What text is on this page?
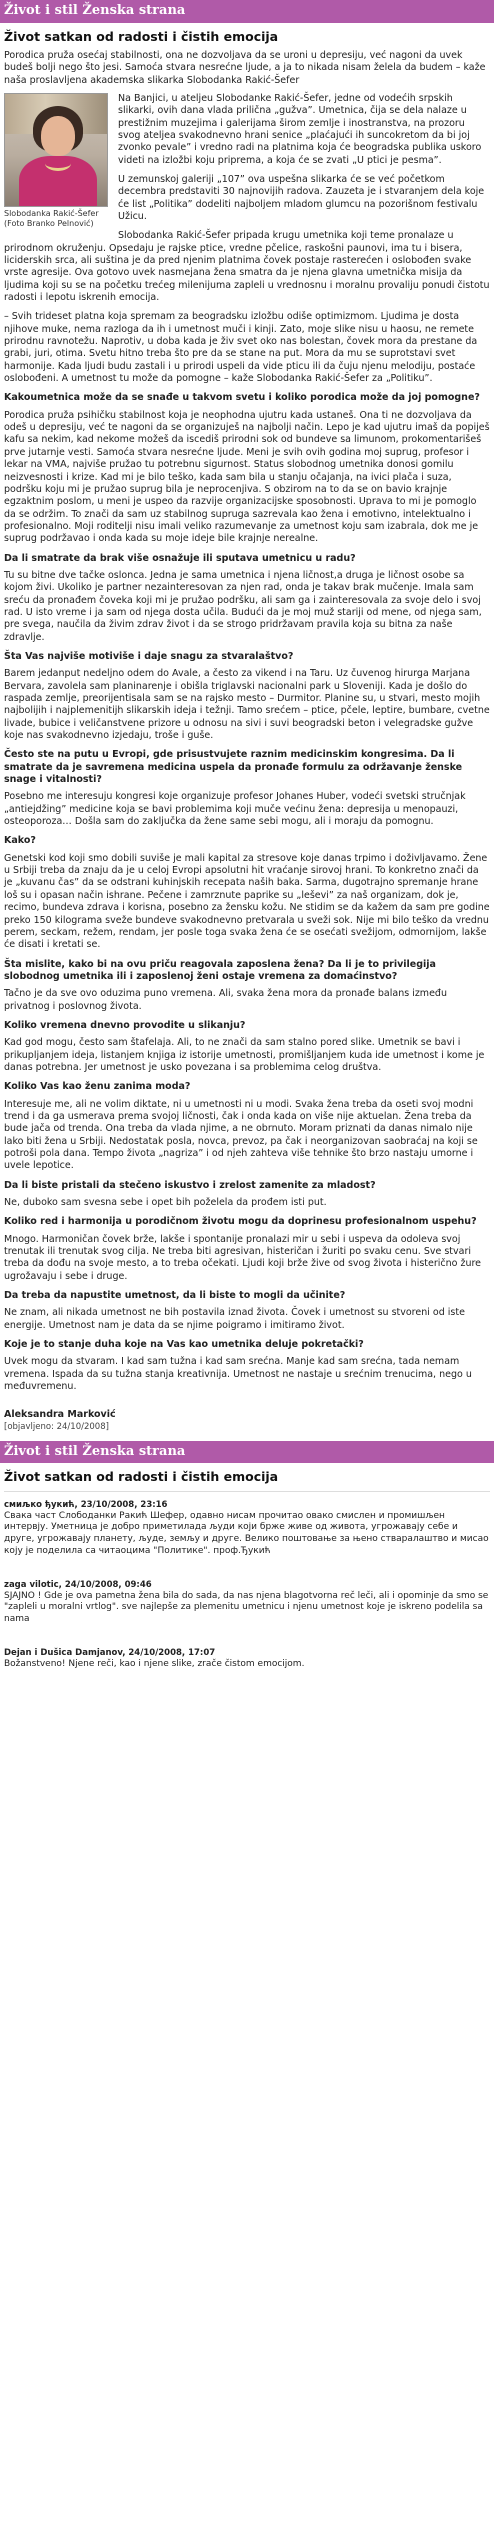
Život i stil Ženska strana
Život satkan od radosti i čistih emocija
Porodica pruža osećaj stabilnosti, ona ne dozvoljava da se uroni u depresiju, već nagoni da uvek budeš bolji nego što jesi. Samoća stvara nesrećne ljude, a ja to nikada nisam želela da budem – kaže naša proslavljena akademska slikarka Slobodanka Rakić-Šefer
Slobodanka Rakić-Šefer (Foto Branko Pelnović)

Na Banjici, u ateljeu Slobodanke Rakić-Šefer, jedne od vodećih srpskih slikarki, ovih dana vlada prilična „gužva”. Umetnica, čija se dela nalaze u prestižnim muzejima i galerijama širom zemlje i inostranstva, na prozoru svog ateljea svakodnevno hrani senice „plaćajući ih suncokretom da bi joj zvonko pevale” i vredno radi na platnima koja će beogradska publika uskoro videti na izložbi koju priprema, a koja će se zvati „U ptici je pesma”.

U zemunskoj galeriji „107” ova uspešna slikarka će se već početkom decembra predstaviti 30 najnovijih radova. Zauzeta je i stvaranjem dela koje će list „Politika” dodeliti najboljem mladom glumcu na pozorišnom festivalu Užicu.

Slobodanka Rakić-Šefer pripada krugu umetnika koji teme pronalaze u prirodnom okruženju. Opsedaju je rajske ptice, vredne pčelice, raskošni paunovi, ima tu i bisera, liciderskih srca, ali suština je da pred njenim platnima čovek postaje rasterećen i oslobođen svake vrste agresije. Ova gotovo uvek nasmejana žena smatra da je njena glavna umetnička misija da ljudima koji su se na početku trećeg milenijuma zapleli u vrednosnu i moralnu provaliju ponudi čistotu radosti i lepotu iskrenih emocija.

– Svih trideset platna koja spremam za beogradsku izložbu odiše optimizmom. Ljudima je dosta njihove muke, nema razloga da ih i umetnost muči i kinji. Zato, moje slike nisu u haosu, ne remete prirodnu ravnotežu. Naprotiv, u doba kada je živ svet oko nas bolestan, čovek mora da prestane da grabi, juri, otima. Svetu hitno treba što pre da se stane na put. Mora da mu se suprotstavi svet harmonije. Kada ljudi budu zastali i u prirodi uspeli da vide pticu ili da čuju njenu melodiju, postaće oslobođeni. A umetnost tu može da pomogne – kaže Slobodanka Rakić-Šefer za „Politiku”.

Kakoumetnica može da se snađe u takvom svetu i koliko porodica može da joj pomogne?

Porodica pruža psihičku stabilnost koja je neophodna ujutru kada ustaneš. Ona ti ne dozvoljava da odeš u depresiju, već te nagoni da se organizuješ na najbolji način. Lepo je kad ujutru imaš da popiješ kafu sa nekim, kad nekome možeš da iscediš prirodni sok od bundeve sa limunom, prokomentarišeš prve jutarnje vesti. Samoća stvara nesrećne ljude. Meni je svih ovih godina moj suprug, profesor i lekar na VMA, najviše pružao tu potrebnu sigurnost. Status slobodnog umetnika donosi gomilu neizvesnosti i krize. Kad mi je bilo teško, kada sam bila u stanju očajanja, na ivici plača i suza, podršku koju mi je pružao suprug bila je neprocenjiva. S obzirom na to da se on bavio krajnje egzaktnim poslom, u meni je uspeo da razvije organizacijske sposobnosti. Uprava to mi je pomoglo da se održim. To znači da sam uz stabilnog supruga sazrevala kao žena i emotivno, intelektualno i profesionalno. Moji roditelji nisu imali veliko razumevanje za umetnost koju sam izabrala, dok me je suprug podržavao i onda kada su moje ideje bile krajnje nerealne.

Da li smatrate da brak više osnažuje ili sputava umetnicu u radu?

Tu su bitne dve tačke oslonca. Jedna je sama umetnica i njena ličnost,a druga je ličnost osobe sa kojom živi. Ukoliko je partner nezainteresovan za njen rad, onda je takav brak mučenje. Imala sam sreću da pronađem čoveka koji mi je pružao podršku, ali sam ga i zainteresovala za svoje delo i svoj rad. U isto vreme i ja sam od njega dosta učila. Budući da je moj muž stariji od mene, od njega sam, pre svega, naučila da živim zdrav život i da se strogo pridržavam pravila koja su bitna za naše zdravlje.

Šta Vas najviše motiviše i daje snagu za stvaralaštvo?

Barem jedanput nedeljno odem do Avale, a često za vikend i na Taru. Uz čuvenog hirurga Marjana Bervara, zavolela sam planinarenje i obišla triglavski nacionalni park u Sloveniji. Kada je došlo do raspada zemlje, preorijentisala sam se na rajsko mesto – Durmitor. Planine su, u stvari, mesto mojih najbolijih i najplemenitijh slikarskih ideja i težnji. Tamo srećem – ptice, pčele, leptire, bumbare, cvetne livade, bubice i veličanstvene prizore u odnosu na sivi i suvi beogradski beton i velegradske gužve koje nas svakodnevno izjedaju, troše i guše.

Često ste na putu u Evropi, gde prisustvujete raznim medicinskim kongresima. Da li smatrate da je savremena medicina uspela da pronađe formulu za održavanje ženske snage i vitalnosti?

Posebno me interesuju kongresi koje organizuje profesor Johanes Huber, vodeći svetski stručnjak „antiejdžing” medicine koja se bavi problemima koji muče većinu žena: depresija u menopauzi, osteoporoza… Došla sam do zaključka da žene same sebi mogu, ali i moraju da pomognu.

Kako?

Genetski kod koji smo dobili suviše je mali kapital za stresove koje danas trpimo i doživljavamo. Žene u Srbiji treba da znaju da je u celoj Evropi apsolutni hit vraćanje sirovoj hrani. To konkretno znači da je „kuvanu čas” da se odstrani kuhinjskih recepata naših baka. Sarma, dugotrajno spremanje hrane loš su i opasan način ishrane. Pečene i zamrznute paprike su „leševi” za naš organizam, dok je, recimo, bundeva zdrava i korisna, posebno za žensku kožu. Ne stidim se da kažem da sam pre godine preko 150 kilograma sveže bundeve svakodnevno pretvarala u sveži sok. Nije mi bilo teško da vrednu perem, seckam, režem, rendam, jer posle toga svaka žena će se osećati svežijom, odmornijom, lakše će disati i kretati se.

Šta mislite, kako bi na ovu priču reagovala zaposlena žena? Da li je to privilegija slobodnog umetnika ili i zaposlenoj ženi ostaje vremena za domaćinstvo?

Tačno je da sve ovo oduzima puno vremena. Ali, svaka žena mora da pronađe balans između privatnog i poslovnog života.

Koliko vremena dnevno provodite u slikanju?

Kad god mogu, često sam štafelaja. Ali, to ne znači da sam stalno pored slike. Umetnik se bavi i prikupljanjem ideja, listanjem knjiga iz istorije umetnosti, promišljanjem kuda ide umetnost i kome je danas potrebna. Jer umetnost je usko povezana i sa problemima celog društva.

Koliko Vas kao ženu zanima moda?

Interesuje me, ali ne volim diktate, ni u umetnosti ni u modi. Svaka žena treba da oseti svoj modni trend i da ga usmerava prema svojoj ličnosti, čak i onda kada on više nije aktuelan. Žena treba da bude jača od trenda. Ona treba da vlada njime, a ne obrnuto. Moram priznati da danas nimalo nije lako biti žena u Srbiji. Nedostatak posla, novca, prevoz, pa čak i neorganizovan saobraćaj na koji se potroši pola dana. Tempo života „nagriza” i od njeh zahteva više tehnike što brzo nastaju umorne i uvele lepotice.

Da li biste pristali da stečeno iskustvo i zrelost zamenite za mladost?

Ne, duboko sam svesna sebe i opet bih poželela da prođem isti put.

Koliko red i harmonija u porodičnom životu mogu da doprinesu profesionalnom uspehu?

Mnogo. Harmoničan čovek brže, lakše i spontanije pronalazi mir u sebi i uspeva da odoleva svoj trenutak ili trenutak svog cilja. Ne treba biti agresivan, histeričan i žuriti po svaku cenu. Sve stvari treba da dođu na svoje mesto, a to treba očekati. Ljudi koji brže žive od svog života i histerično žure ugrožavaju i sebe i druge.

Da treba da napustite umetnost, da li biste to mogli da učinite?

Ne znam, ali nikada umetnost ne bih postavila iznad života. Čovek i umetnost su stvoreni od iste energije. Umetnost nam je data da se njime poigramo i imitiramo život.

Koje je to stanje duha koje na Vas kao umetnika deluje pokretački?

Uvek mogu da stvaram. I kad sam tužna i kad sam srećna. Manje kad sam srećna, tada nemam vremena. Ispada da su tužna stanja kreativnija. Umetnost ne nastaje u srećnim trenucima, nego u međuvremenu.

Aleksandra Marković
[objavljeno: 24/10/2008]
Život i stil Ženska strana
Život satkan od radosti i čistih emocija
смиљко ђукић, 23/10/2008, 23:16
Свака част Слободанки Ракић Шефер, одавно нисам прочитао овако смислен и промишљен интервју. Уметница је добро приметилада људи који брже живе од живота, угрожавају себе и друге, угрожавају планету, људе, земљу и друге. Велико поштовање за њено стваралаштво и мисао коју је поделила са читаоцима "Политике". проф.Ђукић
zaga vilotic, 24/10/2008, 09:46
SJAJNO ! Gde je ova pametna žena bila do sada, da nas njena blagotvorna reč leči, ali i opominje da smo se "zapleli u moralni vrtlog". sve najlepše za plemenitu umetnicu i njenu umetnost koje je iskreno podelila sa nama
Dejan i Dušica Damjanov, 24/10/2008, 17:07
Božanstveno! Njene reči, kao i njene slike, zrače čistom emocijom.
